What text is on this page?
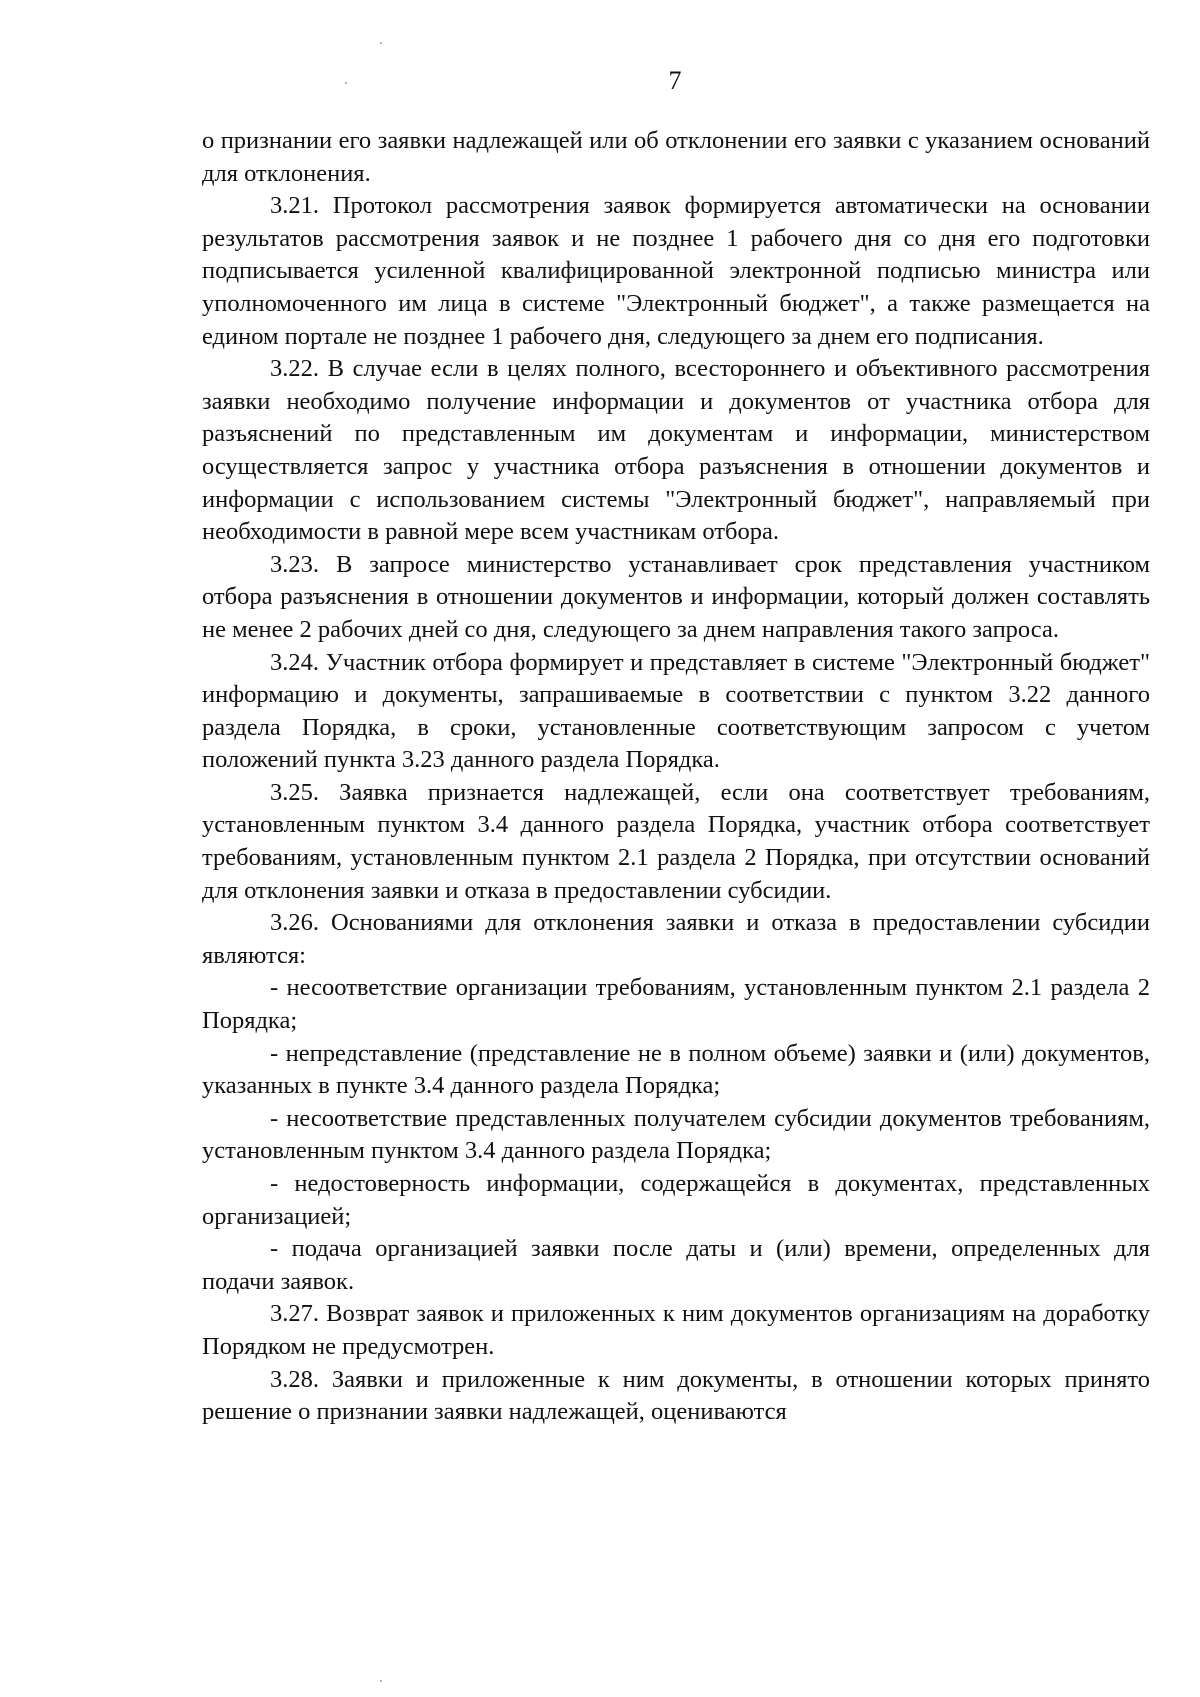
7

о признании его заявки надлежащей или об отклонении его заявки с указанием оснований для отклонения.

3.21. Протокол рассмотрения заявок формируется автоматически на основании результатов рассмотрения заявок и не позднее 1 рабочего дня со дня его подготовки подписывается усиленной квалифицированной электронной подписью министра или уполномоченного им лица в системе "Электронный бюджет", а также размещается на едином портале не позднее 1 рабочего дня, следующего за днем его подписания.

3.22. В случае если в целях полного, всестороннего и объективного рассмотрения заявки необходимо получение информации и документов от участника отбора для разъяснений по представленным им документам и информации, министерством осуществляется запрос у участника отбора разъяснения в отношении документов и информации с использованием системы "Электронный бюджет", направляемый при необходимости в равной мере всем участникам отбора.

3.23. В запросе министерство устанавливает срок представления участником отбора разъяснения в отношении документов и информации, который должен составлять не менее 2 рабочих дней со дня, следующего за днем направления такого запроса.

3.24. Участник отбора формирует и представляет в системе "Электронный бюджет" информацию и документы, запрашиваемые в соответствии с пунктом 3.22 данного раздела Порядка, в сроки, установленные соответствующим запросом с учетом положений пункта 3.23 данного раздела Порядка.

3.25. Заявка признается надлежащей, если она соответствует требованиям, установленным пунктом 3.4 данного раздела Порядка, участник отбора соответствует требованиям, установленным пунктом 2.1 раздела 2 Порядка, при отсутствии оснований для отклонения заявки и отказа в предоставлении субсидии.

3.26. Основаниями для отклонения заявки и отказа в предоставлении субсидии являются:

- несоответствие организации требованиям, установленным пунктом 2.1 раздела 2 Порядка;

- непредставление (представление не в полном объеме) заявки и (или) документов, указанных в пункте 3.4 данного раздела Порядка;

- несоответствие представленных получателем субсидии документов требованиям, установленным пунктом 3.4 данного раздела Порядка;

- недостоверность информации, содержащейся в документах, представленных организацией;

- подача организацией заявки после даты и (или) времени, определенных для подачи заявок.

3.27. Возврат заявок и приложенных к ним документов организациям на доработку Порядком не предусмотрен.

3.28. Заявки и приложенные к ним документы, в отношении которых принято решение о признании заявки надлежащей, оцениваются
